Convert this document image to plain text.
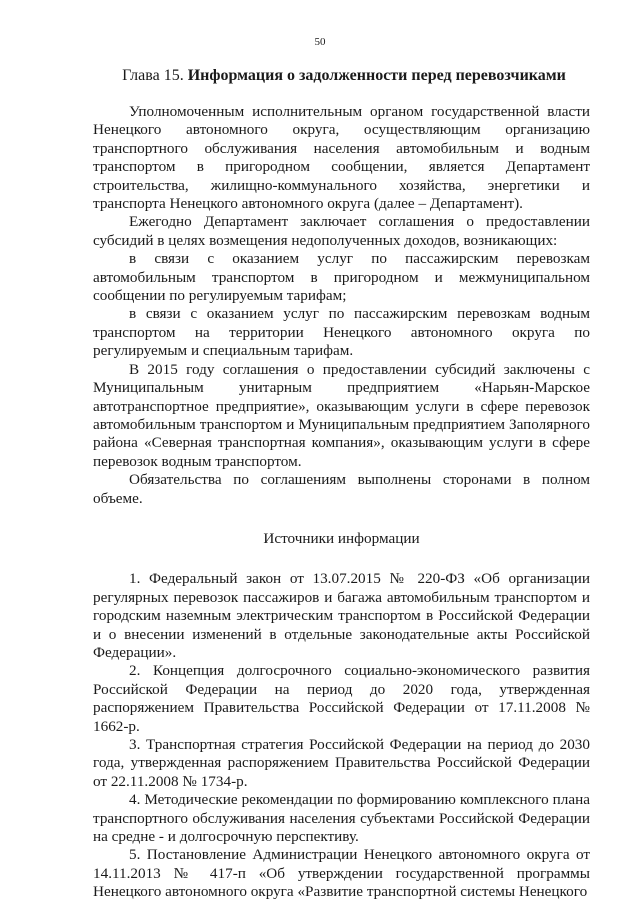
50
Глава 15. Информация о задолженности перед перевозчиками

Уполномоченным исполнительным органом государственной власти Ненецкого автономного округа, осуществляющим организацию транспортного обслуживания населения автомобильным и водным транспортом в пригородном сообщении, является Департамент строительства, жилищно-коммунального хозяйства, энергетики и транспорта Ненецкого автономного округа (далее – Департамент).

Ежегодно Департамент заключает соглашения о предоставлении субсидий в целях возмещения недополученных доходов, возникающих:

в связи с оказанием услуг по пассажирским перевозкам автомобильным транспортом в пригородном и межмуниципальном сообщении по регулируемым тарифам;

в связи с оказанием услуг по пассажирским перевозкам водным транспортом на территории Ненецкого автономного округа по регулируемым и специальным тарифам.

В 2015 году соглашения о предоставлении субсидий заключены с Муниципальным унитарным предприятием «Нарьян-Марское автотранспортное предприятие», оказывающим услуги в сфере перевозок автомобильным транспортом и Муниципальным предприятием Заполярного района «Северная транспортная компания», оказывающим услуги в сфере перевозок водным транспортом.

Обязательства по соглашениям выполнены сторонами в полном объеме.

Источники информации

1. Федеральный закон от 13.07.2015 № 220-ФЗ «Об организации регулярных перевозок пассажиров и багажа автомобильным транспортом и городским наземным электрическим транспортом в Российской Федерации и о внесении изменений в отдельные законодательные акты Российской Федерации».

2. Концепция долгосрочного социально-экономического развития Российской Федерации на период до 2020 года, утвержденная распоряжением Правительства Российской Федерации от 17.11.2008 № 1662-р.

3. Транспортная стратегия Российской Федерации на период до 2030 года, утвержденная распоряжением Правительства Российской Федерации от 22.11.2008 № 1734-р.

4. Методические рекомендации по формированию комплексного плана транспортного обслуживания населения субъектами Российской Федерации на средне - и долгосрочную перспективу.

5. Постановление Администрации Ненецкого автономного округа от 14.11.2013 № 417-п «Об утверждении государственной программы Ненецкого автономного округа «Развитие транспортной системы Ненецкого
